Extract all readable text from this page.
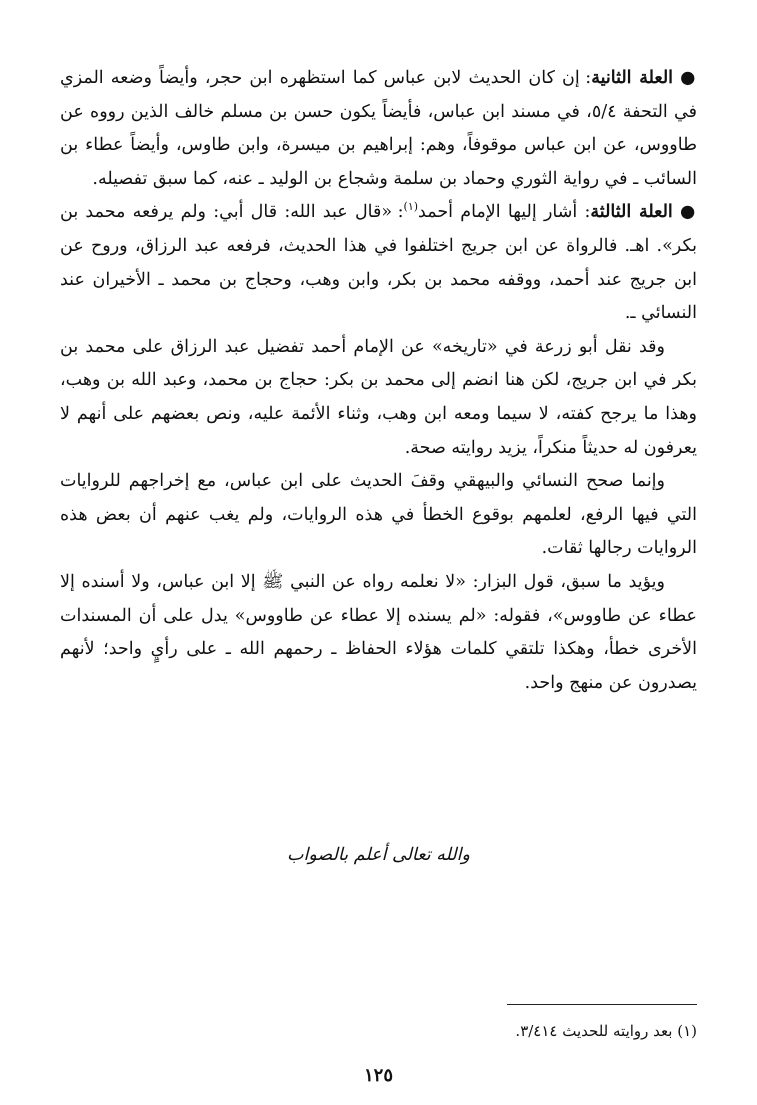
● العلة الثانية: إن كان الحديث لابن عباس كما استظهره ابن حجر، وأيضاً وضعه المزي في التحفة ٥/٤، في مسند ابن عباس، فأيضاً يكون حسن بن مسلم خالف الذين رووه عن طاووس، عن ابن عباس موقوفاً، وهم: إبراهيم بن ميسرة، وابن طاوس، وأيضاً عطاء بن السائب ـ في رواية الثوري وحماد بن سلمة وشجاع بن الوليد ـ عنه، كما سبق تفصيله.

● العلة الثالثة: أشار إليها الإمام أحمد$^{(١)}$: «قال عبد الله: قال أبي: ولم يرفعه محمد بن بكر». اهـ. فالرواة عن ابن جريج اختلفوا في هذا الحديث، فرفعه عبد الرزاق، وروح عن ابن جريج عند أحمد، ووقفه محمد بن بكر، وابن وهب، وحجاج بن محمد ـ الأخيران عند النسائي ـ.

وقد نقل أبو زرعة في «تاريخه» عن الإمام أحمد تفضيل عبد الرزاق على محمد بن بكر في ابن جريج، لكن هنا انضم إلى محمد بن بكر: حجاج بن محمد، وعبد الله بن وهب، وهذا ما يرجح كفته، لا سيما ومعه ابن وهب، وثناء الأئمة عليه، ونص بعضهم على أنهم لا يعرفون له حديثاً منكراً، يزيد روايته صحة.

وإنما صحح النسائي والبيهقي وقفَ الحديث على ابن عباس، مع إخراجهم للروايات التي فيها الرفع، لعلمهم بوقوع الخطأ في هذه الروايات، ولم يغب عنهم أن بعض هذه الروايات رجالها ثقات.

ويؤيد ما سبق، قول البزار: «لا نعلمه رواه عن النبي ﷺ إلا ابن عباس، ولا أسنده إلا عطاء عن طاووس»، فقوله: «لم يسنده إلا عطاء عن طاووس» يدل على أن المسندات الأخرى خطأ، وهكذا تلتقي كلمات هؤلاء الحفاظ ـ رحمهم الله ـ على رأيٍ واحد؛ لأنهم يصدرون عن منهج واحد.

والله تعالى أعلم بالصواب
(١) بعد روايته للحديث ٣/٤١٤.
١٢٥
